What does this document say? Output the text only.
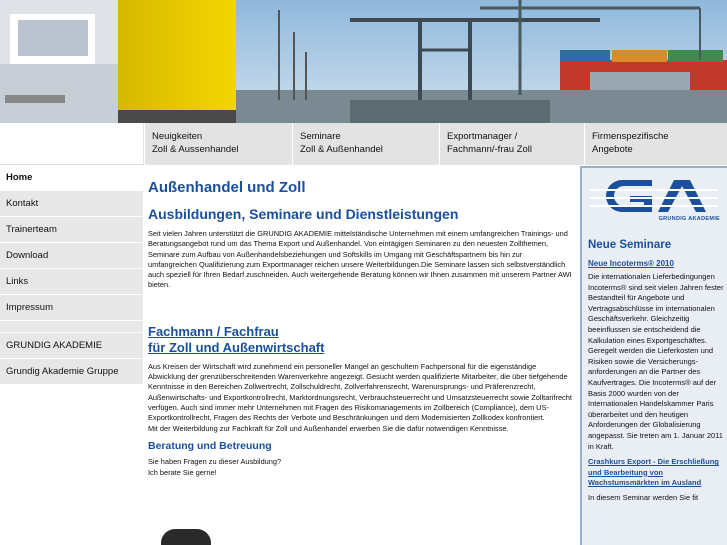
Neuigkeiten
Zoll & Aussenhandel
Seminare
Zoll & Außenhandel
Exportmanager /
Fachmann/-frau Zoll
Firmenspezifische
Angebote
Home
Kontakt
Trainerteam
Download
Links
Impressum
GRUNDIG AKADEMIE
Grundig Akademie Gruppe
Außenhandel und Zoll
Ausbildungen, Seminare und Dienstleistungen
Seit vielen Jahren unterstützt die GRUNDIG AKADEMIE mittelständische Unternehmen mit einem umfangreichen Trainings- und Beratungsangebot rund um das Thema Export und Außenhandel. Von eintägigen Seminaren zu den neuesten Zollthemen, Seminare zum Aufbau von Außenhandelsbeziehungen und Softskills im Umgang mit Geschäftspartnern bis hin zur umfangreichen Qualifizierung zum Exportmanager reichen unsere Weiterbildungen.Die Seminare lassen sich selbstverständlich auch speziell für Ihren Bedarf zuschneiden. Auch weitergehende Beratung können wir Ihnen zusammen mit unserem Partner AWI bieten.
Fachmann / Fachfrau
für Zoll und Außenwirtschaft
Aus Kreisen der Wirtschaft wird zunehmend ein personeller Mangel an geschultem Fachpersonal für die eigenständige Abwicklung der grenzüberschreitenden Warenverkehre angezeigt. Gesucht werden qualifizierte Mitarbeiter, die über tiefgehende Kenntnisse in den Bereichen Zollwertrecht, Zollschuldrecht, Zollverfahrensrecht, Warenursprungs- und Präferenzrecht, Außenwirtschafts- und Exportkontrollrecht, Marktordnungsrecht, Verbrauchsteuerrecht und Umsatzsteuerrecht sowie Zolltarifrecht verfügen. Auch sind immer mehr Unternehmen mit Fragen des Risikomanagements im Zollbereich (Compliance), dem US-Exportkontrollrecht, Fragen des Rechts der Verbote und Beschränkungen und dem Modernisierten Zollkodex konfrontiert.
Mit der Weiterbildung zur Fachkraft für Zoll und Außenhandel erwerben Sie die dafür notwendigen Kenntnisse.
Beratung und Betreuung
Sie haben Fragen zu dieser Ausbildung?
Ich berate Sie gerne!
GRUNDIG AKADEMIE
Neue Seminare
Neue Incoterms® 2010
Die internationalen Lieferbedingungen Incoterms® sind seit vielen Jahren fester Bestandteil für Angebote und Vertragsabschlüsse im internationalen Geschäftsverkehr. Gleichzeitig beeinflussen sie entscheidend die Kalkulation eines Exportgeschäftes. Geregelt werden die Lieferkosten und Risiken sowie die Versicherungs-anforderungen an die Partner des Kaufvertrages. Die Incoterms® auf der Basis 2000 wurden von der Internationalen Handelskammer Paris überarbeitet und den heutigen Anforderungen der Globalisierung angepasst. Sie treten am 1. Januar 2011 in Kraft.
Crashkurs Export - Die Erschließung und Bearbeitung von Wachstumsmärkten im Ausland
In diesem Seminar werden Sie fit
